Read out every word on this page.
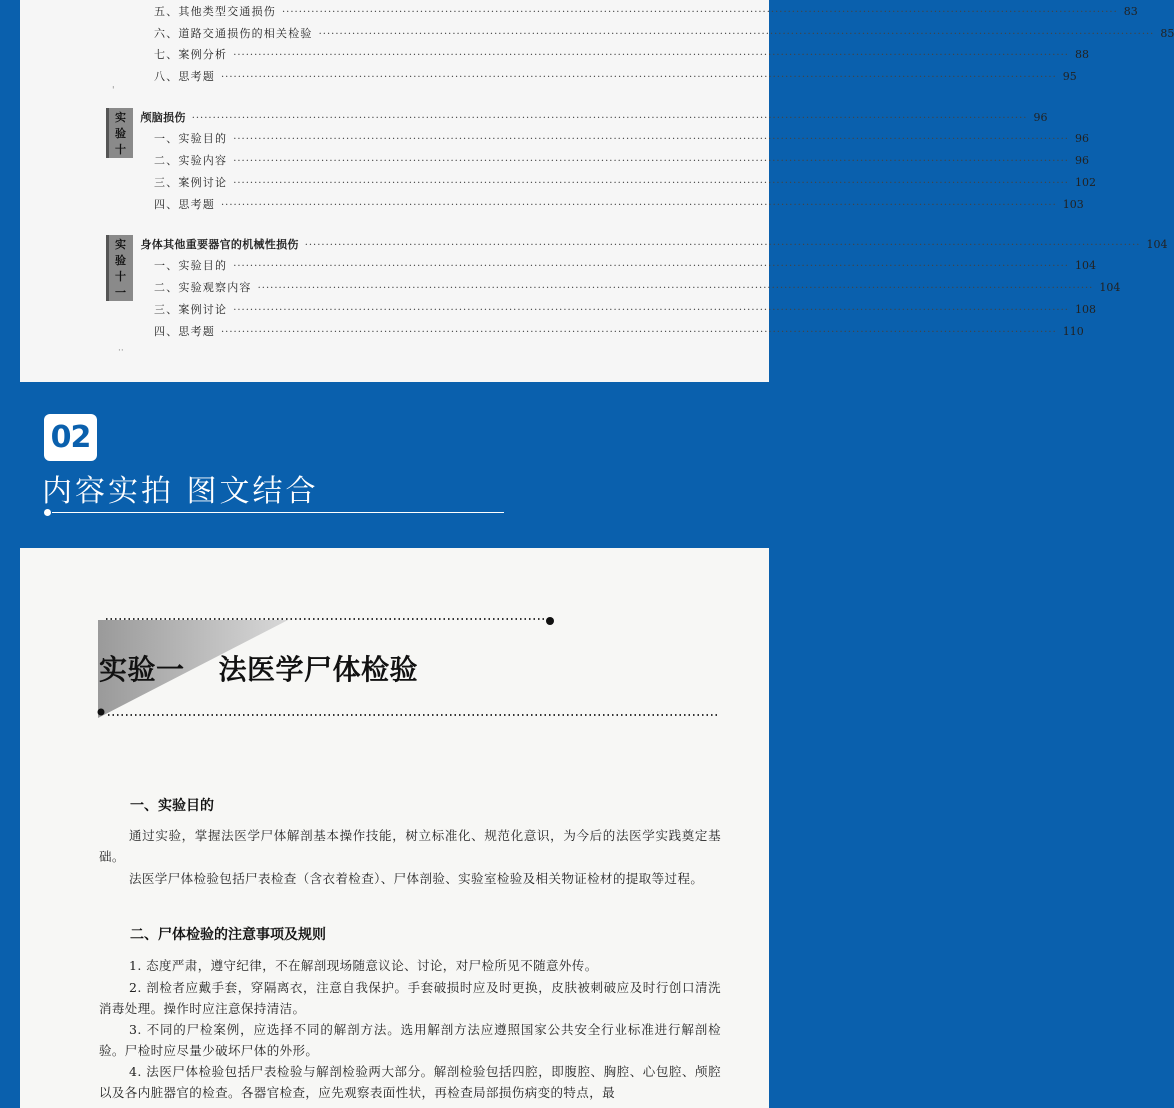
五、其他类型交通损伤 ········································································································································································································ 83
六、道路交通损伤的相关检验 ········································································································································································································ 85
七、案例分析 ········································································································································································································ 88
八、思考题 ········································································································································································································ 95
实验十
颅脑损伤 ········································································································································································································ 96
一、实验目的 ········································································································································································································ 96
二、实验内容 ········································································································································································································ 96
三、案例讨论 ········································································································································································································ 102
四、思考题 ········································································································································································································ 103
实验十一
身体其他重要器官的机械性损伤 ········································································································································································································ 104
一、实验目的 ········································································································································································································ 104
二、实验观察内容 ········································································································································································································ 104
三、案例讨论 ········································································································································································································ 108
四、思考题 ········································································································································································································ 110
'
··
02
内容实拍 图文结合
实验一 法医学尸体检验
一、实验目的
通过实验，掌握法医学尸体解剖基本操作技能，树立标准化、规范化意识，为今后的法医学实践奠定基础。
法医学尸体检验包括尸表检查（含衣着检查）、尸体剖验、实验室检验及相关物证检材的提取等过程。
二、尸体检验的注意事项及规则
1. 态度严肃，遵守纪律，不在解剖现场随意议论、讨论，对尸检所见不随意外传。
2. 剖检者应戴手套，穿隔离衣，注意自我保护。手套破损时应及时更换，皮肤被刺破应及时行创口清洗消毒处理。操作时应注意保持清洁。
3. 不同的尸检案例，应选择不同的解剖方法。选用解剖方法应遵照国家公共安全行业标准进行解剖检验。尸检时应尽量少破坏尸体的外形。
4. 法医尸体检验包括尸表检验与解剖检验两大部分。解剖检验包括四腔，即腹腔、胸腔、心包腔、颅腔以及各内脏器官的检查。各器官检查，应先观察表面性状，再检查局部损伤病变的特点，最
